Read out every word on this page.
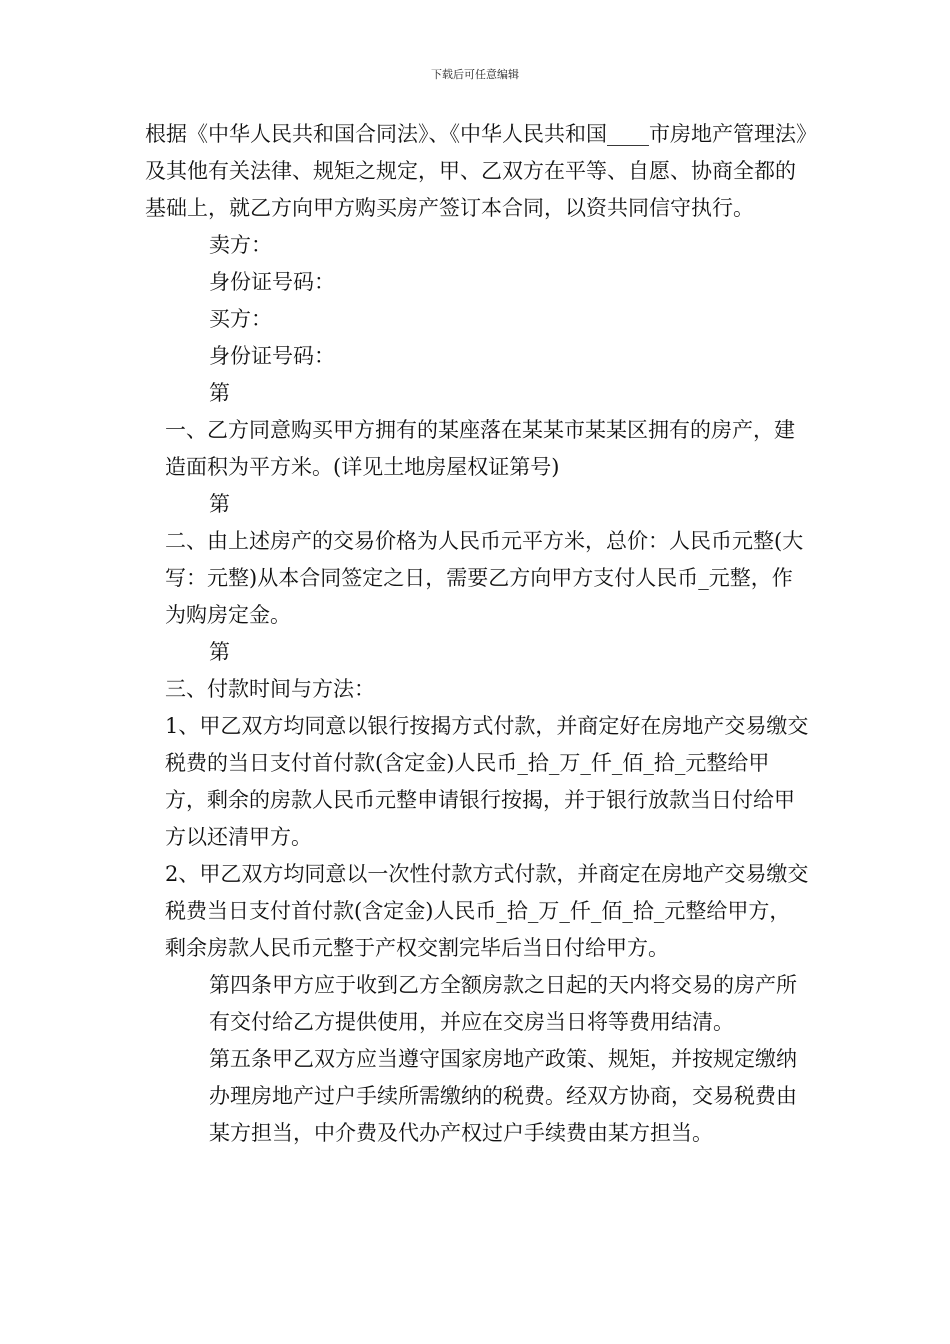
下载后可任意编辑

根据《中华人民共和国合同法》、《中华人民共和国____市房地产管理法》及其他有关法律、规矩之规定，甲、乙双方在平等、自愿、协商全都的基础上，就乙方向甲方购买房产签订本合同，以资共同信守执行。

卖方：

身份证号码：

买方：

身份证号码：

第

一、乙方同意购买甲方拥有的某座落在某某市某某区拥有的房产，建造面积为平方米。(详见土地房屋权证第号)

第

二、由上述房产的交易价格为人民币元平方米，总价：人民币元整(大写：元整)从本合同签定之日，需要乙方向甲方支付人民币_元整，作为购房定金。

第

三、付款时间与方法：

1、甲乙双方均同意以银行按揭方式付款，并商定好在房地产交易缴交税费的当日支付首付款(含定金)人民币_拾_万_仟_佰_拾_元整给甲方，剩余的房款人民币元整申请银行按揭，并于银行放款当日付给甲方以还清甲方。

2、甲乙双方均同意以一次性付款方式付款，并商定在房地产交易缴交税费当日支付首付款(含定金)人民币_拾_万_仟_佰_拾_元整给甲方，剩余房款人民币元整于产权交割完毕后当日付给甲方。

第四条甲方应于收到乙方全额房款之日起的天内将交易的房产所有交付给乙方提供使用，并应在交房当日将等费用结清。

第五条甲乙双方应当遵守国家房地产政策、规矩，并按规定缴纳办理房地产过户手续所需缴纳的税费。经双方协商，交易税费由某方担当，中介费及代办产权过户手续费由某方担当。
